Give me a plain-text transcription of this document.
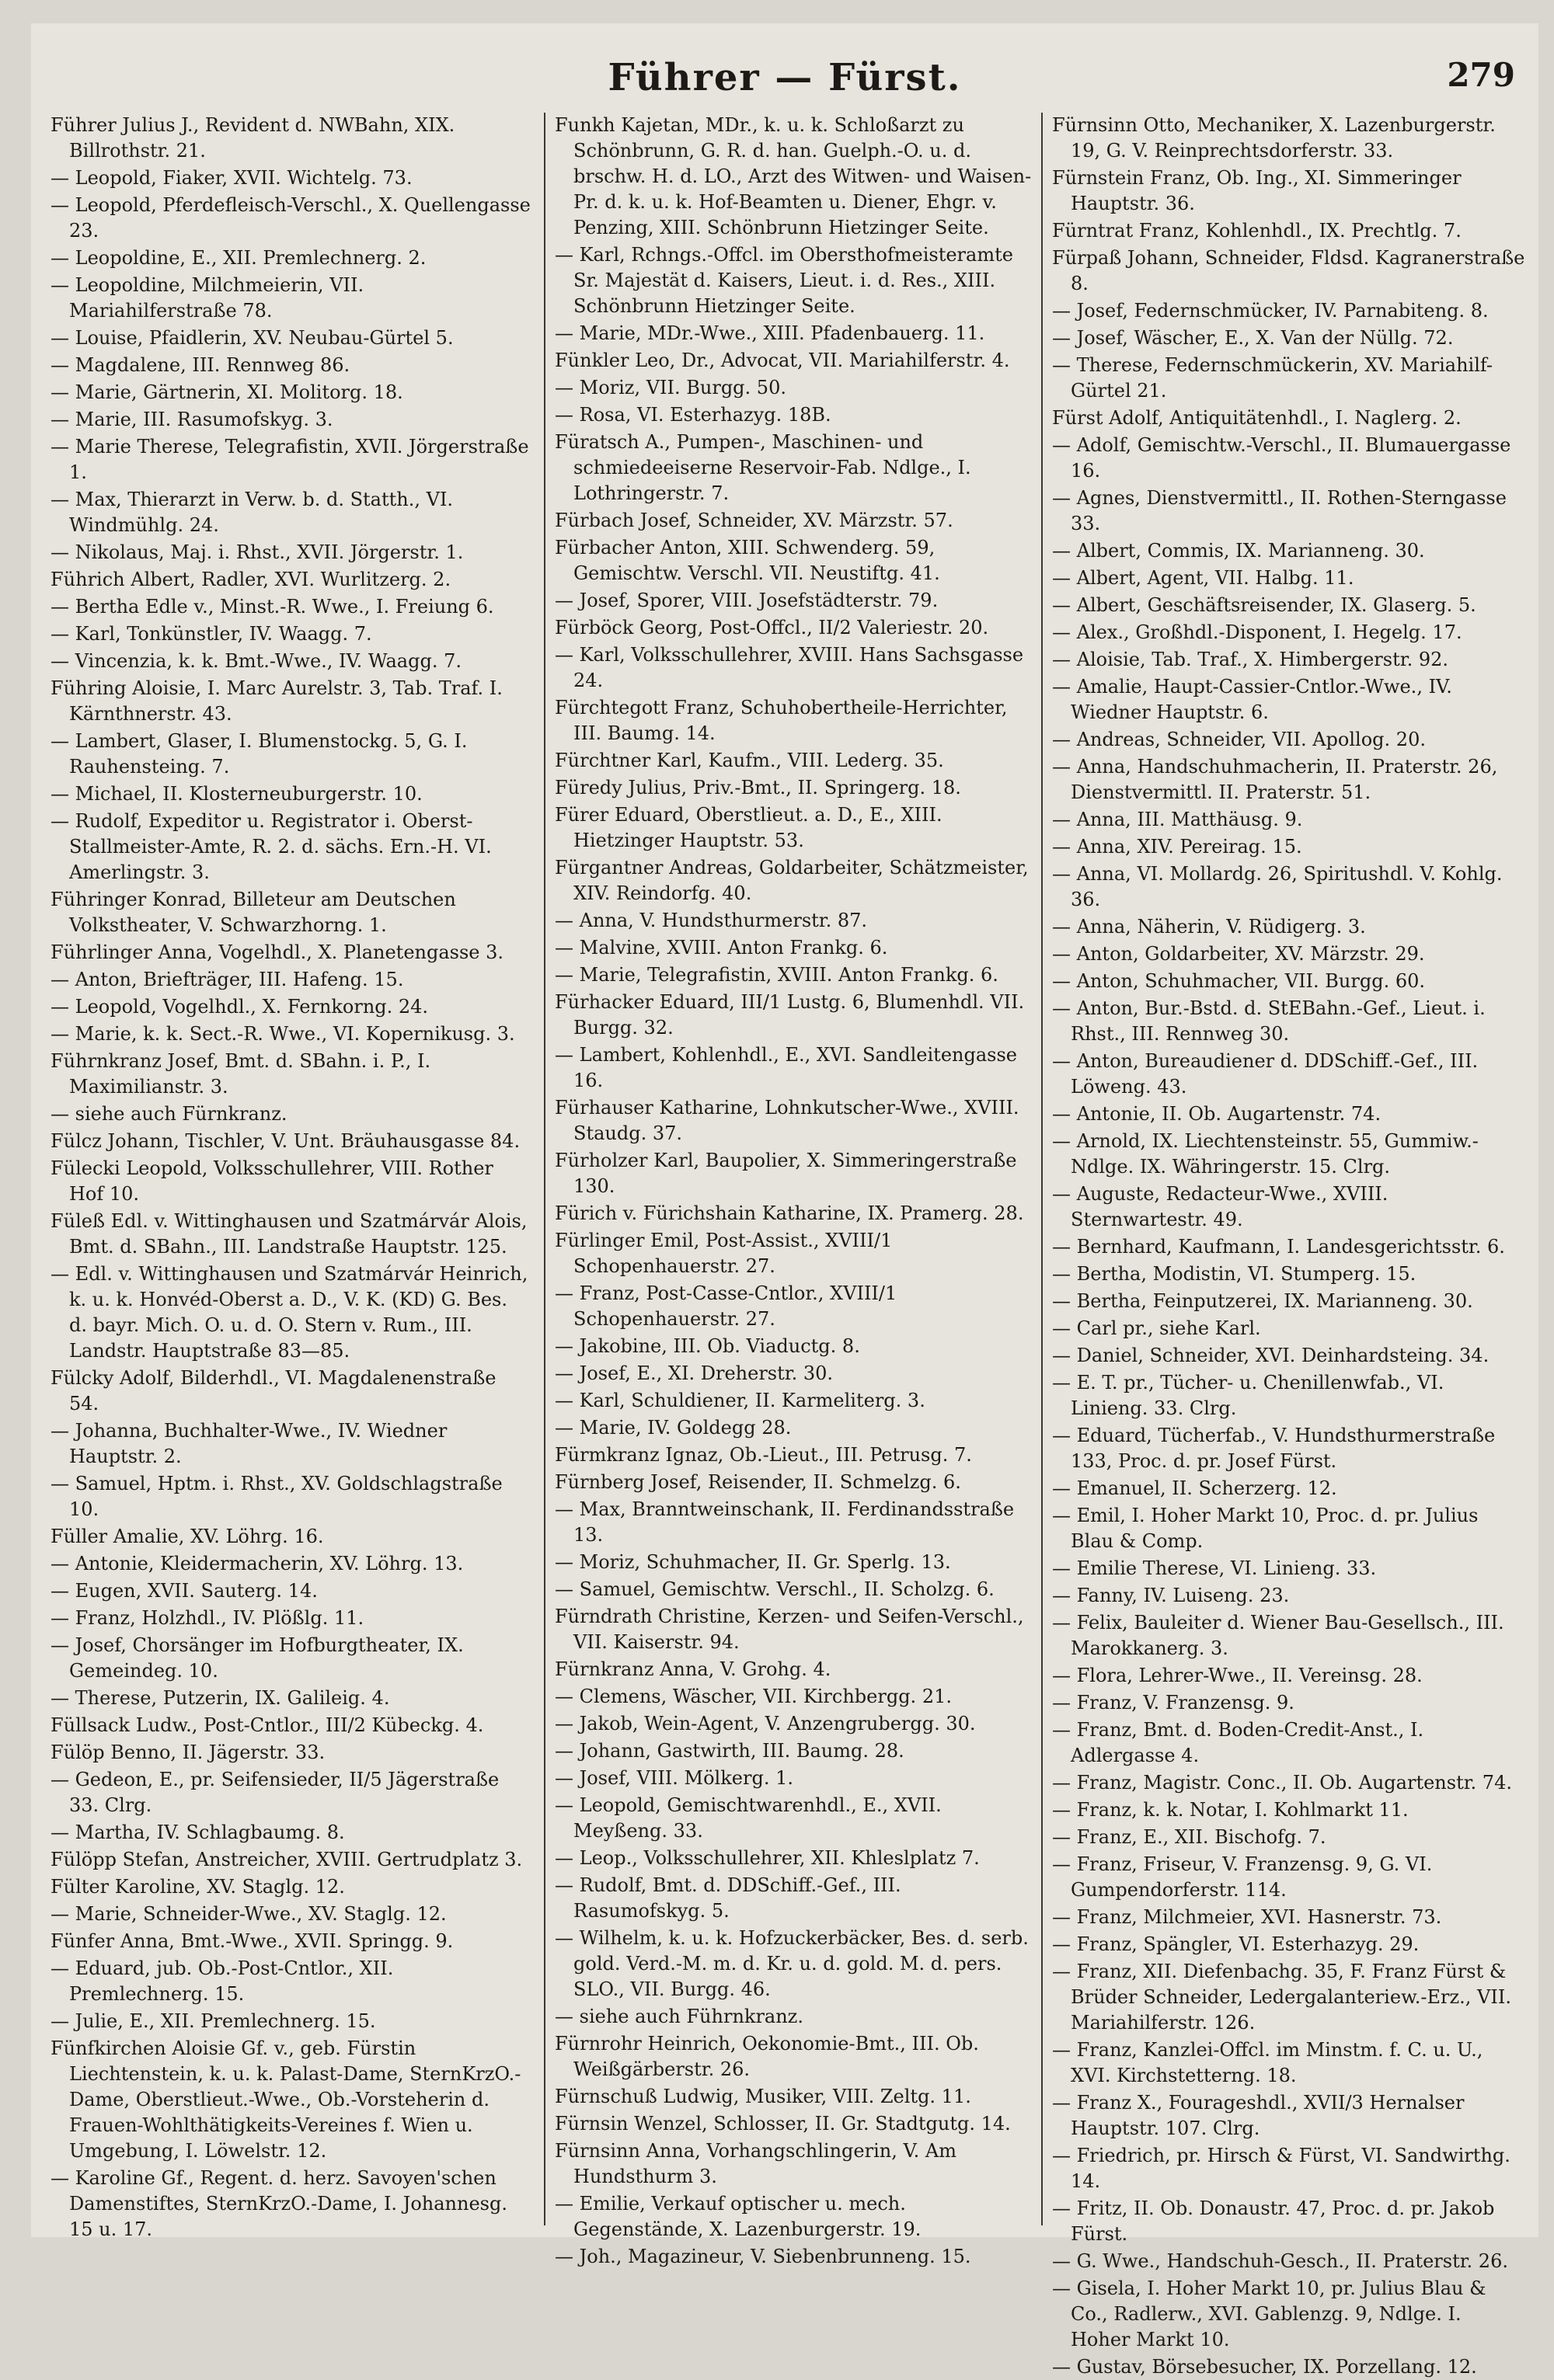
Führer — Fürst.	279
Führer Julius J., Revident d. NWBahn, XIX. Billrothstr. 21.
— Leopold, Fiaker, XVII. Wichtelg. 73.
— Leopold, Pferdefleisch-Verschl., X. Quellengasse 23.
— Leopoldine, E., XII. Premlechnerg. 2.
— Leopoldine, Milchmeierin, VII. Mariahilferstraße 78.
— Louise, Pfaidlerin, XV. Neubau-Gürtel 5.
— Magdalene, III. Rennweg 86.
— Marie, Gärtnerin, XI. Molitorg. 18.
— Marie, III. Rasumofskyg. 3.
— Marie Therese, Telegrafistin, XVII. Jörgerstraße 1.
— Max, Thierarzt in Verw. b. d. Statth., VI. Windmühlg. 24.
— Nikolaus, Maj. i. Rhst., XVII. Jörgerstr. 1.
Führich Albert, Radler, XVI. Wurlitzerg. 2.
— Bertha Edle v., Minst.-R. Wwe., I. Freiung 6.
— Karl, Tonkünstler, IV. Waagg. 7.
— Vincenzia, k. k. Bmt.-Wwe., IV. Waagg. 7.
Führing Aloisie, I. Marc Aurelstr. 3, Tab. Traf. I. Kärnthnerstr. 43.
— Lambert, Glaser, I. Blumenstockg. 5, G. I. Rauhensteing. 7.
— Michael, II. Klosterneuburgerstr. 10.
— Rudolf, Expeditor u. Registrator i. Oberst-Stallmeister-Amte, R. 2. d. sächs. Ern.-H. VI. Amerlingstr. 3.
Führinger Konrad, Billeteur am Deutschen Volkstheater, V. Schwarzhorng. 1.
Führlinger Anna, Vogelhdl., X. Planetengasse 3.
— Anton, Briefträger, III. Hafeng. 15.
— Leopold, Vogelhdl., X. Fernkorng. 24.
— Marie, k. k. Sect.-R. Wwe., VI. Kopernikusg. 3.
Führnkranz Josef, Bmt. d. SBahn. i. P., I. Maximilianstr. 3.
— siehe auch Fürnkranz.
Fülcz Johann, Tischler, V. Unt. Bräuhausgasse 84.
Fülecki Leopold, Volksschullehrer, VIII. Rother Hof 10.
Füleß Edl. v. Wittinghausen und Szatmárvár Alois, Bmt. d. SBahn., III. Landstraße Hauptstr. 125.
— Edl. v. Wittinghausen und Szatmárvár Heinrich, k. u. k. Honvéd-Oberst a. D., V. K. (KD) G. Bes. d. bayr. Mich. O. u. d. O. Stern v. Rum., III. Landstr. Hauptstraße 83—85.
Fülcky Adolf, Bilderhdl., VI. Magdalenenstraße 54.
— Johanna, Buchhalter-Wwe., IV. Wiedner Hauptstr. 2.
— Samuel, Hptm. i. Rhst., XV. Goldschlagstraße 10.
Füller Amalie, XV. Löhrg. 16.
— Antonie, Kleidermacherin, XV. Löhrg. 13.
— Eugen, XVII. Sauterg. 14.
— Franz, Holzhdl., IV. Plößlg. 11.
— Josef, Chorsänger im Hofburgtheater, IX. Gemeindeg. 10.
— Therese, Putzerin, IX. Galileig. 4.
Füllsack Ludw., Post-Cntlor., III/2 Kübeckg. 4.
Fülöp Benno, II. Jägerstr. 33.
— Gedeon, E., pr. Seifensieder, II/5 Jägerstraße 33. Clrg.
— Martha, IV. Schlagbaumg. 8.
Fülöpp Stefan, Anstreicher, XVIII. Gertrudplatz 3.
Fülter Karoline, XV. Staglg. 12.
— Marie, Schneider-Wwe., XV. Staglg. 12.
Fünfer Anna, Bmt.-Wwe., XVII. Springg. 9.
— Eduard, jub. Ob.-Post-Cntlor., XII. Premlechnerg. 15.
— Julie, E., XII. Premlechnerg. 15.
Fünfkirchen Aloisie Gf. v., geb. Fürstin Liechtenstein, k. u. k. Palast-Dame, SternKrzO.-Dame, Oberstlieut.-Wwe., Ob.-Vorsteherin d. Frauen-Wohlthätigkeits-Vereines f. Wien u. Umgebung, I. Löwelstr. 12.
— Karoline Gf., Regent. d. herz. Savoyen'schen Damenstiftes, SternKrzO.-Dame, I. Johannesg. 15 u. 17.
Funkh Kajetan, MDr., k. u. k. Schloßarzt zu Schönbrunn, G. R. d. han. Guelph.-O. u. d. brschw. H. d. LO., Arzt des Witwen- und Waisen-Pr. d. k. u. k. Hof-Beamten u. Diener, Ehgr. v. Penzing, XIII. Schönbrunn Hietzinger Seite.
— Karl, Rchngs.-Offcl. im Obersthofmeisteramte Sr. Majestät d. Kaisers, Lieut. i. d. Res., XIII. Schönbrunn Hietzinger Seite.
— Marie, MDr.-Wwe., XIII. Pfadenbauerg. 11.
Fünkler Leo, Dr., Advocat, VII. Mariahilferstr. 4.
— Moriz, VII. Burgg. 50.
— Rosa, VI. Esterhazyg. 18B.
Füratsch A., Pumpen-, Maschinen- und schmiedeeiserne Reservoir-Fab. Ndlge., I. Lothringerstr. 7.
Fürbach Josef, Schneider, XV. Märzstr. 57.
Fürbacher Anton, XIII. Schwenderg. 59, Gemischtw. Verschl. VII. Neustiftg. 41.
— Josef, Sporer, VIII. Josefstädterstr. 79.
Fürböck Georg, Post-Offcl., II/2 Valeriestr. 20.
— Karl, Volksschullehrer, XVIII. Hans Sachsgasse 24.
Fürchtegott Franz, Schuhobertheile-Herrichter, III. Baumg. 14.
Fürchtner Karl, Kaufm., VIII. Lederg. 35.
Füredy Julius, Priv.-Bmt., II. Springerg. 18.
Fürer Eduard, Oberstlieut. a. D., E., XIII. Hietzinger Hauptstr. 53.
Fürgantner Andreas, Goldarbeiter, Schätzmeister, XIV. Reindorfg. 40.
— Anna, V. Hundsthurmerstr. 87.
— Malvine, XVIII. Anton Frankg. 6.
— Marie, Telegrafistin, XVIII. Anton Frankg. 6.
Fürhacker Eduard, III/1 Lustg. 6, Blumenhdl. VII. Burgg. 32.
— Lambert, Kohlenhdl., E., XVI. Sandleitengasse 16.
Fürhauser Katharine, Lohnkutscher-Wwe., XVIII. Staudg. 37.
Fürholzer Karl, Baupolier, X. Simmeringerstraße 130.
Fürich v. Fürichshain Katharine, IX. Pramerg. 28.
Fürlinger Emil, Post-Assist., XVIII/1 Schopenhauerstr. 27.
— Franz, Post-Casse-Cntlor., XVIII/1 Schopenhauerstr. 27.
— Jakobine, III. Ob. Viaductg. 8.
— Josef, E., XI. Dreherstr. 30.
— Karl, Schuldiener, II. Karmeliterg. 3.
— Marie, IV. Goldegg 28.
Fürmkranz Ignaz, Ob.-Lieut., III. Petrusg. 7.
Fürnberg Josef, Reisender, II. Schmelzg. 6.
— Max, Branntweinschank, II. Ferdinandsstraße 13.
— Moriz, Schuhmacher, II. Gr. Sperlg. 13.
— Samuel, Gemischtw. Verschl., II. Scholzg. 6.
Fürndrath Christine, Kerzen- und Seifen-Verschl., VII. Kaiserstr. 94.
Fürnkranz Anna, V. Grohg. 4.
— Clemens, Wäscher, VII. Kirchbergg. 21.
— Jakob, Wein-Agent, V. Anzengrubergg. 30.
— Johann, Gastwirth, III. Baumg. 28.
— Josef, VIII. Mölkerg. 1.
— Leopold, Gemischtwarenhdl., E., XVII. Meyßeng. 33.
— Leop., Volksschullehrer, XII. Khleslplatz 7.
— Rudolf, Bmt. d. DDSchiff.-Gef., III. Rasumofskyg. 5.
— Wilhelm, k. u. k. Hofzuckerbäcker, Bes. d. serb. gold. Verd.-M. m. d. Kr. u. d. gold. M. d. pers. SLO., VII. Burgg. 46.
— siehe auch Führnkranz.
Fürnrohr Heinrich, Oekonomie-Bmt., III. Ob. Weißgärberstr. 26.
Fürnschuß Ludwig, Musiker, VIII. Zeltg. 11.
Fürnsin Wenzel, Schlosser, II. Gr. Stadtgutg. 14.
Fürnsinn Anna, Vorhangschlingerin, V. Am Hundsthurm 3.
— Emilie, Verkauf optischer u. mech. Gegenstände, X. Lazenburgerstr. 19.
— Joh., Magazineur, V. Siebenbrunneng. 15.
Fürnsinn Otto, Mechaniker, X. Lazenburgerstr. 19, G. V. Reinprechtsdorferstr. 33.
Fürnstein Franz, Ob. Ing., XI. Simmeringer Hauptstr. 36.
Fürntrat Franz, Kohlenhdl., IX. Prechtlg. 7.
Fürpaß Johann, Schneider, Fldsd. Kagranerstraße 8.
— Josef, Federnschmücker, IV. Parnabiteng. 8.
— Josef, Wäscher, E., X. Van der Nüllg. 72.
— Therese, Federnschmückerin, XV. Mariahilf-Gürtel 21.
Fürst Adolf, Antiquitätenhdl., I. Naglerg. 2.
— Adolf, Gemischtw.-Verschl., II. Blumauergasse 16.
— Agnes, Dienstvermittl., II. Rothen-Sterngasse 33.
— Albert, Commis, IX. Marianneng. 30.
— Albert, Agent, VII. Halbg. 11.
— Albert, Geschäftsreisender, IX. Glaserg. 5.
— Alex., Großhdl.-Disponent, I. Hegelg. 17.
— Aloisie, Tab. Traf., X. Himbergerstr. 92.
— Amalie, Haupt-Cassier-Cntlor.-Wwe., IV. Wiedner Hauptstr. 6.
— Andreas, Schneider, VII. Apollog. 20.
— Anna, Handschuhmacherin, II. Praterstr. 26, Dienstvermittl. II. Praterstr. 51.
— Anna, III. Matthäusg. 9.
— Anna, XIV. Pereirag. 15.
— Anna, VI. Mollardg. 26, Spiritushdl. V. Kohlg. 36.
— Anna, Näherin, V. Rüdigerg. 3.
— Anton, Goldarbeiter, XV. Märzstr. 29.
— Anton, Schuhmacher, VII. Burgg. 60.
— Anton, Bur.-Bstd. d. StEBahn.-Gef., Lieut. i. Rhst., III. Rennweg 30.
— Anton, Bureaudiener d. DDSchiff.-Gef., III. Löweng. 43.
— Antonie, II. Ob. Augartenstr. 74.
— Arnold, IX. Liechtensteinstr. 55, Gummiw.-Ndlge. IX. Währingerstr. 15. Clrg.
— Auguste, Redacteur-Wwe., XVIII. Sternwartestr. 49.
— Bernhard, Kaufmann, I. Landesgerichtsstr. 6.
— Bertha, Modistin, VI. Stumperg. 15.
— Bertha, Feinputzerei, IX. Marianneng. 30.
— Carl pr., siehe Karl.
— Daniel, Schneider, XVI. Deinhardsteing. 34.
— E. T. pr., Tücher- u. Chenillenwfab., VI. Linieng. 33. Clrg.
— Eduard, Tücherfab., V. Hundsthurmerstraße 133, Proc. d. pr. Josef Fürst.
— Emanuel, II. Scherzerg. 12.
— Emil, I. Hoher Markt 10, Proc. d. pr. Julius Blau & Comp.
— Emilie Therese, VI. Linieng. 33.
— Fanny, IV. Luiseng. 23.
— Felix, Bauleiter d. Wiener Bau-Gesellsch., III. Marokkanerg. 3.
— Flora, Lehrer-Wwe., II. Vereinsg. 28.
— Franz, V. Franzensg. 9.
— Franz, Bmt. d. Boden-Credit-Anst., I. Adlergasse 4.
— Franz, Magistr. Conc., II. Ob. Augartenstr. 74.
— Franz, k. k. Notar, I. Kohlmarkt 11.
— Franz, E., XII. Bischofg. 7.
— Franz, Friseur, V. Franzensg. 9, G. VI. Gumpendorferstr. 114.
— Franz, Milchmeier, XVI. Hasnerstr. 73.
— Franz, Spängler, VI. Esterhazyg. 29.
— Franz, XII. Diefenbachg. 35, F. Franz Fürst & Brüder Schneider, Ledergalanteriew.-Erz., VII. Mariahilferstr. 126.
— Franz, Kanzlei-Offcl. im Minstm. f. C. u. U., XVI. Kirchstetterng. 18.
— Franz X., Fourageshdl., XVII/3 Hernalser Hauptstr. 107. Clrg.
— Friedrich, pr. Hirsch & Fürst, VI. Sandwirthg. 14.
— Fritz, II. Ob. Donaustr. 47, Proc. d. pr. Jakob Fürst.
— G. Wwe., Handschuh-Gesch., II. Praterstr. 26.
— Gisela, I. Hoher Markt 10, pr. Julius Blau & Co., Radlerw., XVI. Gablenzg. 9, Ndlge. I. Hoher Markt 10.
— Gustav, Börsebesucher, IX. Porzellang. 12.
